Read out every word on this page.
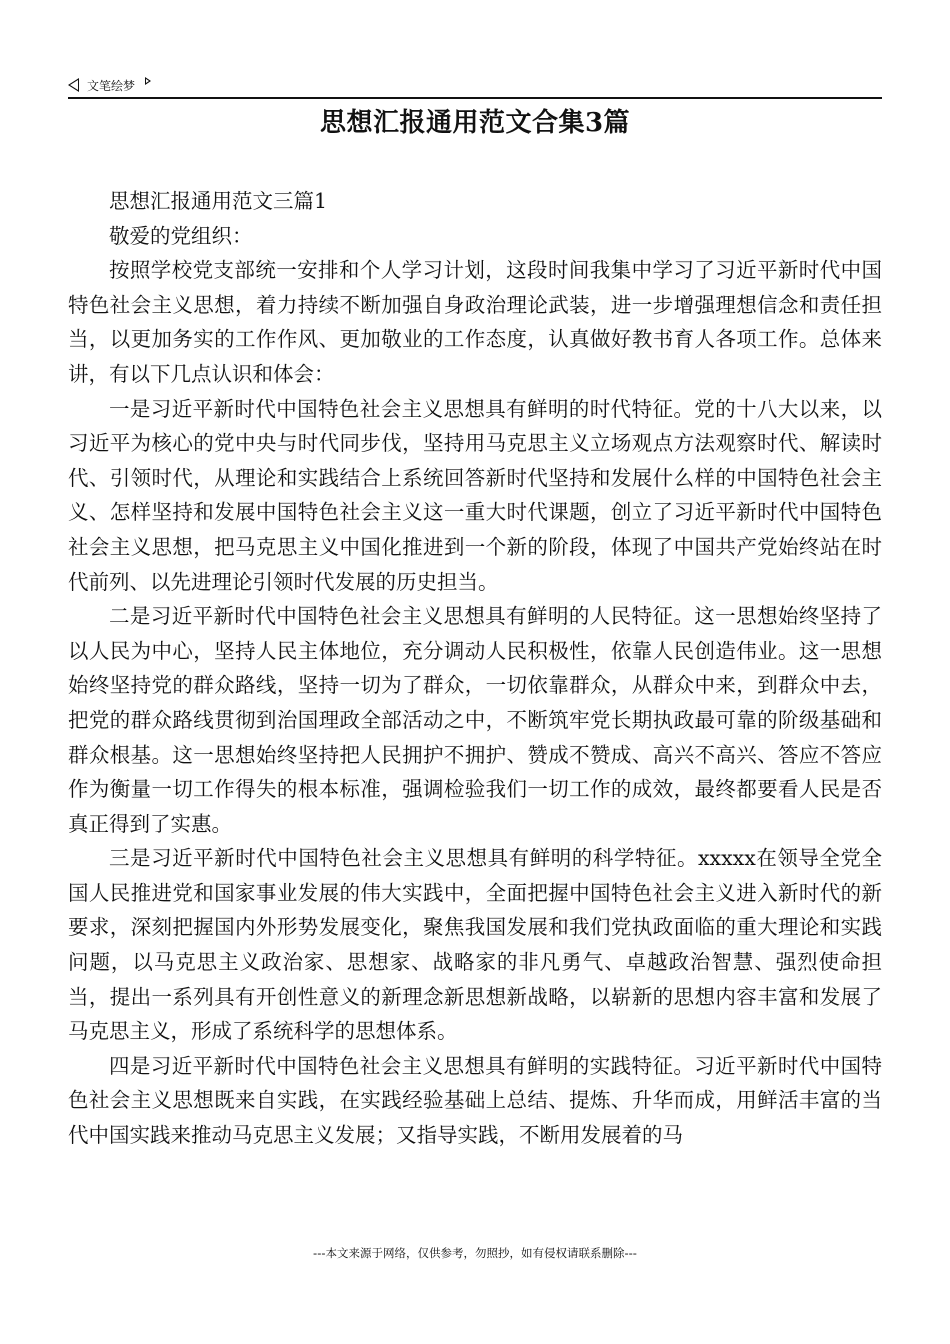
文笔绘梦
思想汇报通用范文合集3篇

思想汇报通用范文三篇1

敬爱的党组织：

按照学校党支部统一安排和个人学习计划，这段时间我集中学习了习近平新时代中国特色社会主义思想，着力持续不断加强自身政治理论武装，进一步增强理想信念和责任担当，以更加务实的工作作风、更加敬业的工作态度，认真做好教书育人各项工作。总体来讲，有以下几点认识和体会：

一是习近平新时代中国特色社会主义思想具有鲜明的时代特征。党的十八大以来，以习近平为核心的党中央与时代同步伐，坚持用马克思主义立场观点方法观察时代、解读时代、引领时代，从理论和实践结合上系统回答新时代坚持和发展什么样的中国特色社会主义、怎样坚持和发展中国特色社会主义这一重大时代课题，创立了习近平新时代中国特色社会主义思想，把马克思主义中国化推进到一个新的阶段，体现了中国共产党始终站在时代前列、以先进理论引领时代发展的历史担当。

二是习近平新时代中国特色社会主义思想具有鲜明的人民特征。这一思想始终坚持了以人民为中心，坚持人民主体地位，充分调动人民积极性，依靠人民创造伟业。这一思想始终坚持党的群众路线，坚持一切为了群众，一切依靠群众，从群众中来，到群众中去，把党的群众路线贯彻到治国理政全部活动之中，不断筑牢党长期执政最可靠的阶级基础和群众根基。这一思想始终坚持把人民拥护不拥护、赞成不赞成、高兴不高兴、答应不答应作为衡量一切工作得失的根本标准，强调检验我们一切工作的成效，最终都要看人民是否真正得到了实惠。

三是习近平新时代中国特色社会主义思想具有鲜明的科学特征。xxxxx在领导全党全国人民推进党和国家事业发展的伟大实践中，全面把握中国特色社会主义进入新时代的新要求，深刻把握国内外形势发展变化，聚焦我国发展和我们党执政面临的重大理论和实践问题，以马克思主义政治家、思想家、战略家的非凡勇气、卓越政治智慧、强烈使命担当，提出一系列具有开创性意义的新理念新思想新战略，以崭新的思想内容丰富和发展了马克思主义，形成了系统科学的思想体系。

四是习近平新时代中国特色社会主义思想具有鲜明的实践特征。习近平新时代中国特色社会主义思想既来自实践，在实践经验基础上总结、提炼、升华而成，用鲜活丰富的当代中国实践来推动马克思主义发展；又指导实践，不断用发展着的马

---本文来源于网络，仅供参考，勿照抄，如有侵权请联系删除---
